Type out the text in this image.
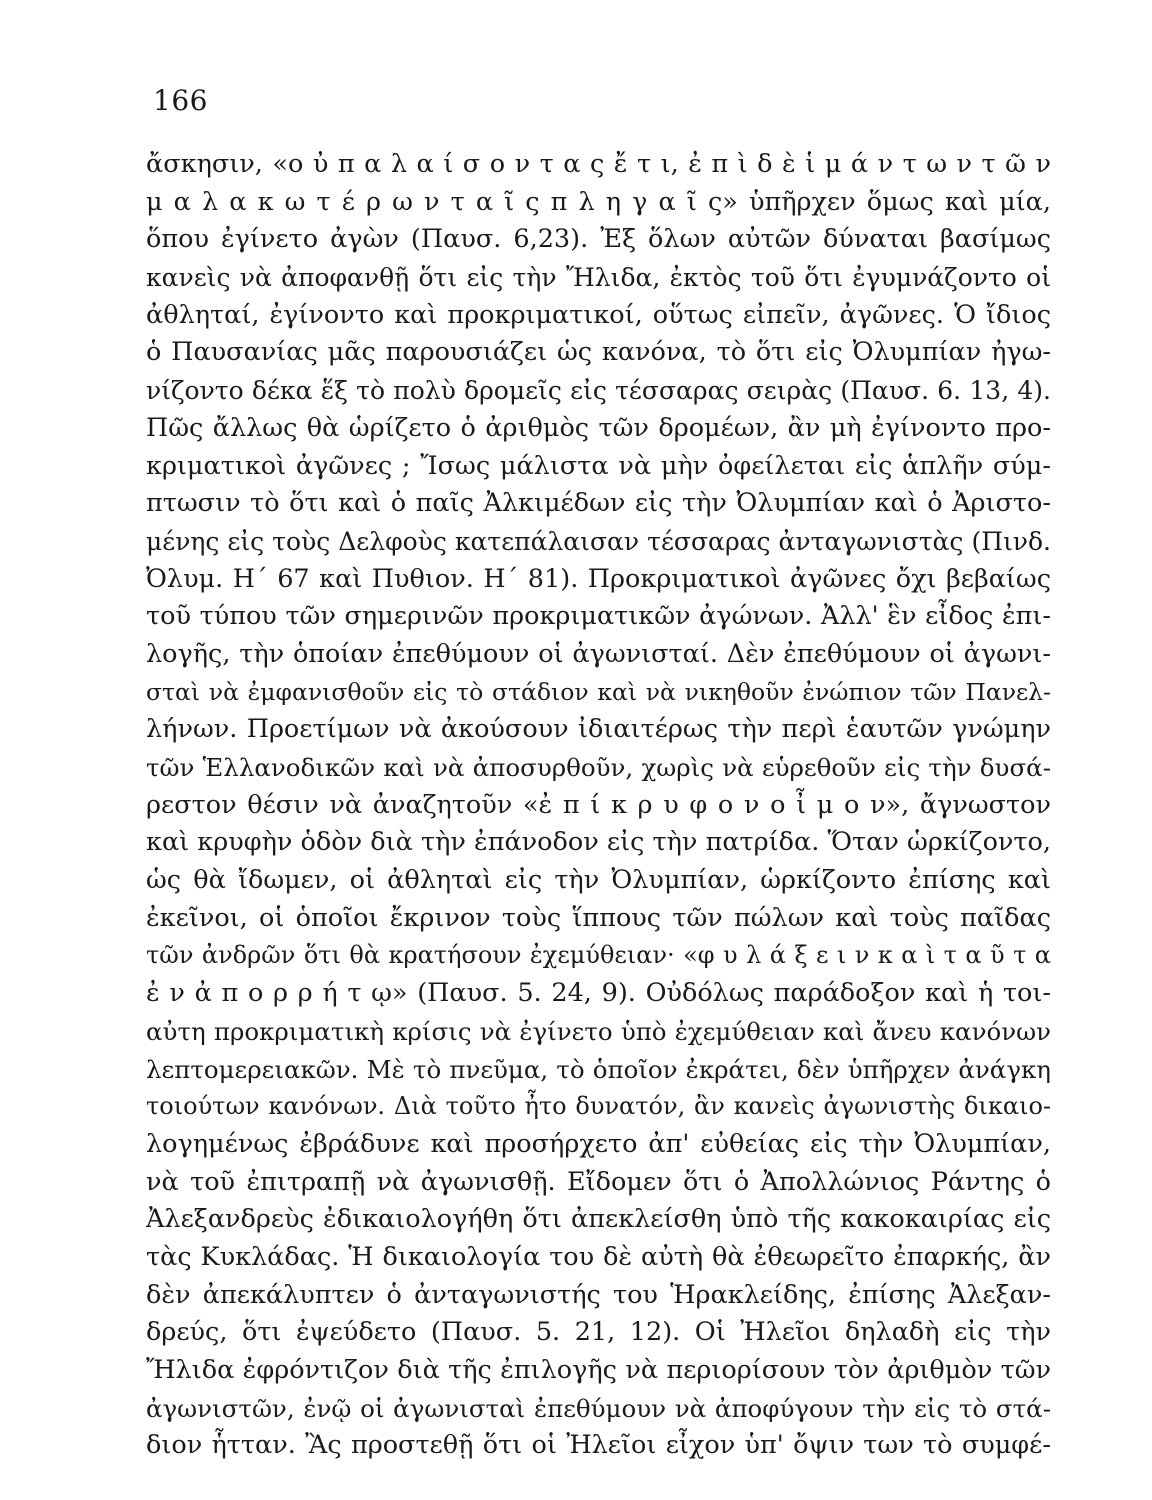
166
ἄσκησιν, «ο ὐ π α λ α ί σ ο ν τ α ς ἔ τ ι, ἐ π ὶ δ ὲ ἱ μ ά ν τ ω ν τ ῶ ν
μ α λ α κ ω τ έ ρ ω ν τ α ῖ ς π λ η γ α ῖ ς» ὑπῆρχεν ὅμως καὶ μία,
ὅπου ἐγίνετο ἀγὼν (Παυσ. 6,23). Ἐξ ὅλων αὐτῶν δύναται βασίμως
κανεὶς νὰ ἀποφανθῇ ὅτι εἰς τὴν Ἤλιδα, ἐκτὸς τοῦ ὅτι ἐγυμνάζοντο οἱ
ἀθληταί, ἐγίνοντο καὶ προκριματικοί, οὕτως εἰπεῖν, ἀγῶνες. Ὁ ἴδιος
ὁ Παυσανίας μᾶς παρουσιάζει ὡς κανόνα, τὸ ὅτι εἰς Ὀλυμπίαν ἠγω-
νίζοντο δέκα ἕξ τὸ πολὺ δρομεῖς εἰς τέσσαρας σειρὰς (Παυσ. 6. 13, 4).
Πῶς ἄλλως θὰ ὡρίζετο ὁ ἀριθμὸς τῶν δρομέων, ἂν μὴ ἐγίνοντο προ-
κριματικοὶ ἀγῶνες ; Ἴσως μάλιστα νὰ μὴν ὀφείλεται εἰς ἁπλῆν σύμ-
πτωσιν τὸ ὅτι καὶ ὁ παῖς Ἀλκιμέδων εἰς τὴν Ὀλυμπίαν καὶ ὁ Ἀριστο-
μένης εἰς τοὺς Δελφοὺς κατεπάλαισαν τέσσαρας ἀνταγωνιστὰς (Πινδ.
Ὀλυμ. Η΄ 67 καὶ Πυθιον. Η΄ 81). Προκριματικοὶ ἀγῶνες ὄχι βεβαίως
τοῦ τύπου τῶν σημερινῶν προκριματικῶν ἀγώνων. Ἀλλ' ἓν εἶδος ἐπι-
λογῆς, τὴν ὁποίαν ἐπεθύμουν οἱ ἀγωνισταί. Δὲν ἐπεθύμουν οἱ ἀγωνι-
σταὶ νὰ ἐμφανισθοῦν εἰς τὸ στάδιον καὶ νὰ νικηθοῦν ἐνώπιον τῶν Πανελ-
λήνων. Προετίμων νὰ ἀκούσουν ἰδιαιτέρως τὴν περὶ ἑαυτῶν γνώμην
τῶν Ἑλλανοδικῶν καὶ νὰ ἀποσυρθοῦν, χωρὶς νὰ εὑρεθοῦν εἰς τὴν δυσά-
ρεστον θέσιν νὰ ἀναζητοῦν «ἐ π ί κ ρ υ φ ο ν ο ἶ μ ο ν», ἄγνωστον
καὶ κρυφὴν ὁδὸν διὰ τὴν ἐπάνοδον εἰς τὴν πατρίδα. Ὅταν ὡρκίζοντο,
ὡς θὰ ἴδωμεν, οἱ ἀθληταὶ εἰς τὴν Ὀλυμπίαν, ὡρκίζοντο ἐπίσης καὶ
ἐκεῖνοι, οἱ ὁποῖοι ἔκρινον τοὺς ἵππους τῶν πώλων καὶ τοὺς παῖδας
τῶν ἀνδρῶν ὅτι θὰ κρατήσουν ἐχεμύθειαν· «φ υ λ ά ξ ε ι ν κ α ὶ τ α ῦ τ α
ἐ ν ἀ π ο ρ ρ ή τ ῳ» (Παυσ. 5. 24, 9). Οὐδόλως παράδοξον καὶ ἡ τοι-
αὐτη προκριματικὴ κρίσις νὰ ἐγίνετο ὑπὸ ἐχεμύθειαν καὶ ἄνευ κανόνων
λεπτομερειακῶν. Μὲ τὸ πνεῦμα, τὸ ὁποῖον ἐκράτει, δὲν ὑπῆρχεν ἀνάγκη
τοιούτων κανόνων. Διὰ τοῦτο ἦτο δυνατόν, ἂν κανεὶς ἀγωνιστὴς δικαιο-
λογημένως ἐβράδυνε καὶ προσήρχετο ἀπ' εὐθείας εἰς τὴν Ὀλυμπίαν,
νὰ τοῦ ἐπιτραπῇ νὰ ἀγωνισθῇ. Εἴδομεν ὅτι ὁ Ἀπολλώνιος Ράντης ὁ
Ἀλεξανδρεὺς ἐδικαιολογήθη ὅτι ἀπεκλείσθη ὑπὸ τῆς κακοκαιρίας εἰς
τὰς Κυκλάδας. Ἡ δικαιολογία του δὲ αὐτὴ θὰ ἐθεωρεῖτο ἐπαρκής, ἂν
δὲν ἀπεκάλυπτεν ὁ ἀνταγωνιστής του Ἡρακλείδης, ἐπίσης Ἀλεξαν-
δρεύς, ὅτι ἐψεύδετο (Παυσ. 5. 21, 12). Οἱ Ἠλεῖοι δηλαδὴ εἰς τὴν
Ἤλιδα ἐφρόντιζον διὰ τῆς ἐπιλογῆς νὰ περιορίσουν τὸν ἀριθμὸν τῶν
ἀγωνιστῶν, ἐνῷ οἱ ἀγωνισταὶ ἐπεθύμουν νὰ ἀποφύγουν τὴν εἰς τὸ στά-
διον ἧτταν. Ἂς προστεθῇ ὅτι οἱ Ἠλεῖοι εἶχον ὑπ' ὄψιν των τὸ συμφέ-
